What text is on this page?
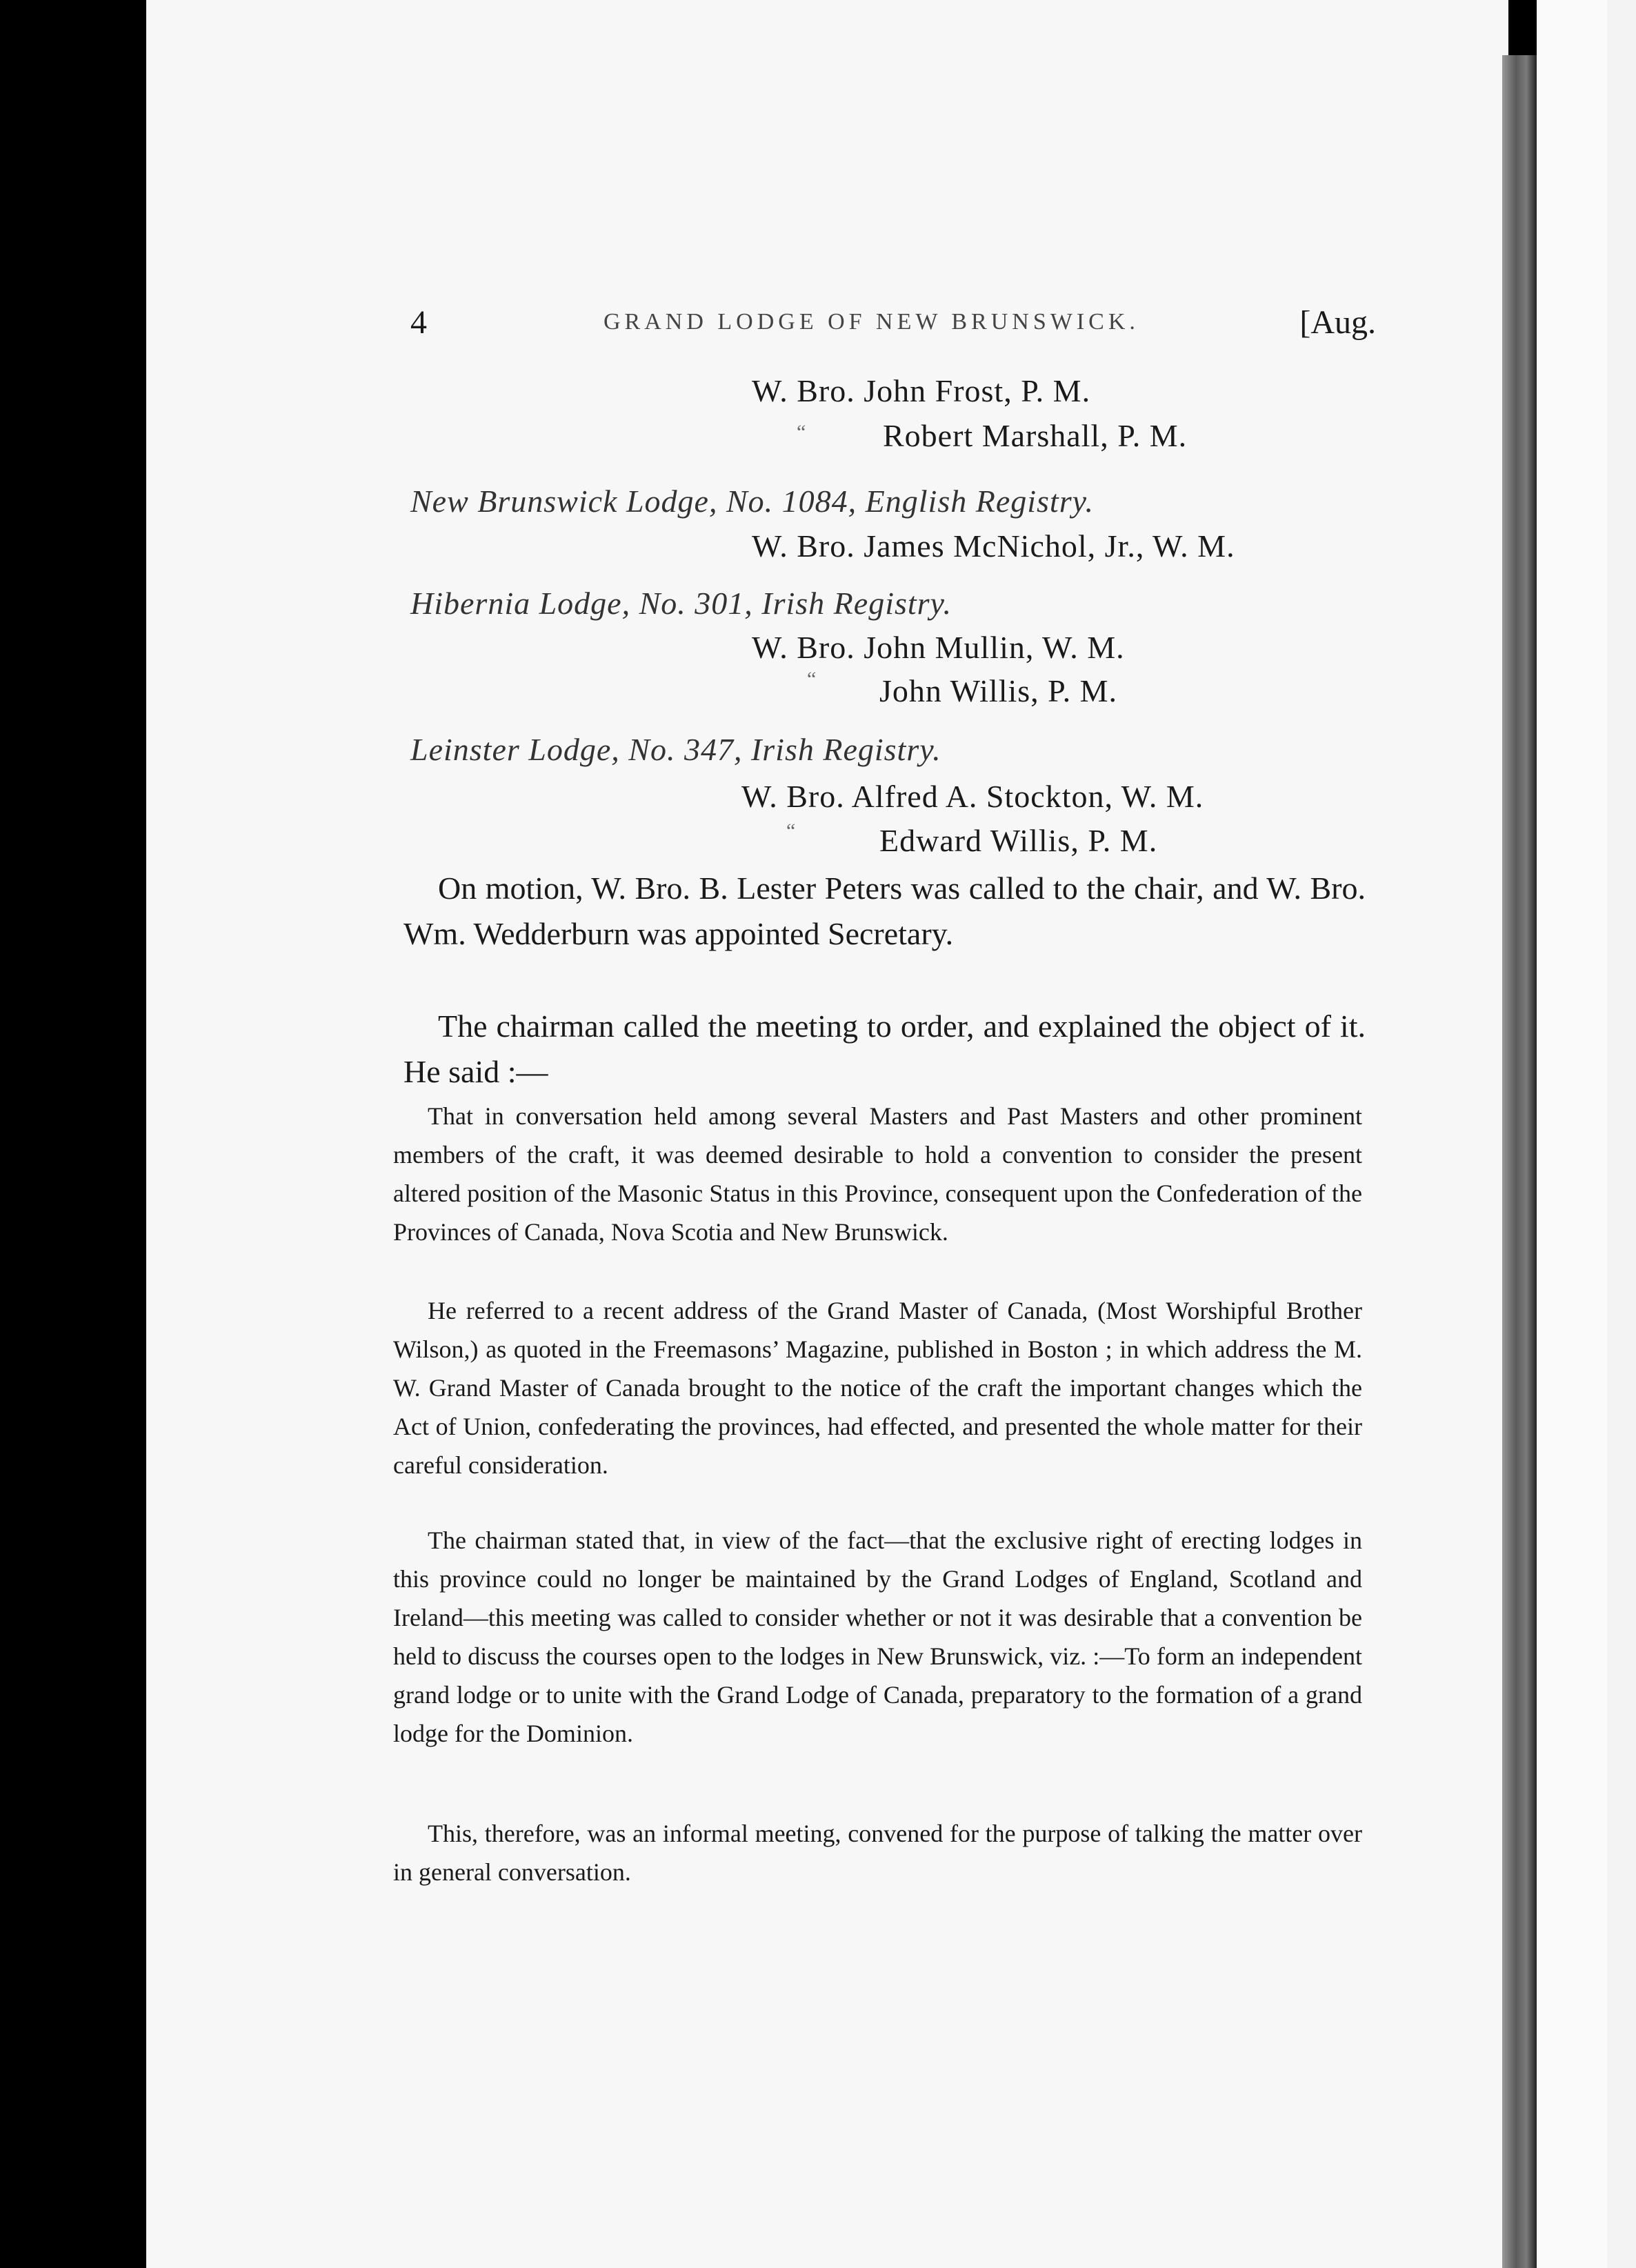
4	GRAND LODGE OF NEW BRUNSWICK.	[Aug.
W. Bro. John Frost, P. M.
“ Robert Marshall, P. M.
New Brunswick Lodge, No. 1084, English Registry.
W. Bro. James McNichol, Jr., W. M.
Hibernia Lodge, No. 301, Irish Registry.
W. Bro. John Mullin, W. M.
“ John Willis, P. M.
Leinster Lodge, No. 347, Irish Registry.
W. Bro. Alfred A. Stockton, W. M.
“	Edward Willis, P. M.
On motion, W. Bro. B. Lester Peters was called to the chair, and W. Bro. Wm. Wedderburn was appointed Secretary.
The chairman called the meeting to order, and explained the object of it. He said :—
That in conversation held among several Masters and Past Masters and other prominent members of the craft, it was deemed desirable to hold a convention to consider the present altered position of the Masonic Status in this Province, consequent upon the Confederation of the Provinces of Canada, Nova Scotia and New Brunswick.
He referred to a recent address of the Grand Master of Canada, (Most Worshipful Brother Wilson,) as quoted in the Freemasons’ Magazine, published in Boston ; in which address the M. W. Grand Master of Canada brought to the notice of the craft the important changes which the Act of Union, confederating the provinces, had effected, and presented the whole matter for their careful consideration.
The chairman stated that, in view of the fact—that the exclusive right of erecting lodges in this province could no longer be maintained by the Grand Lodges of England, Scotland and Ireland—this meeting was called to consider whether or not it was desirable that a convention be held to discuss the courses open to the lodges in New Brunswick, viz. :—To form an independent grand lodge or to unite with the Grand Lodge of Canada, preparatory to the formation of a grand lodge for the Dominion.
This, therefore, was an informal meeting, convened for the purpose of talking the matter over in general conversation.
